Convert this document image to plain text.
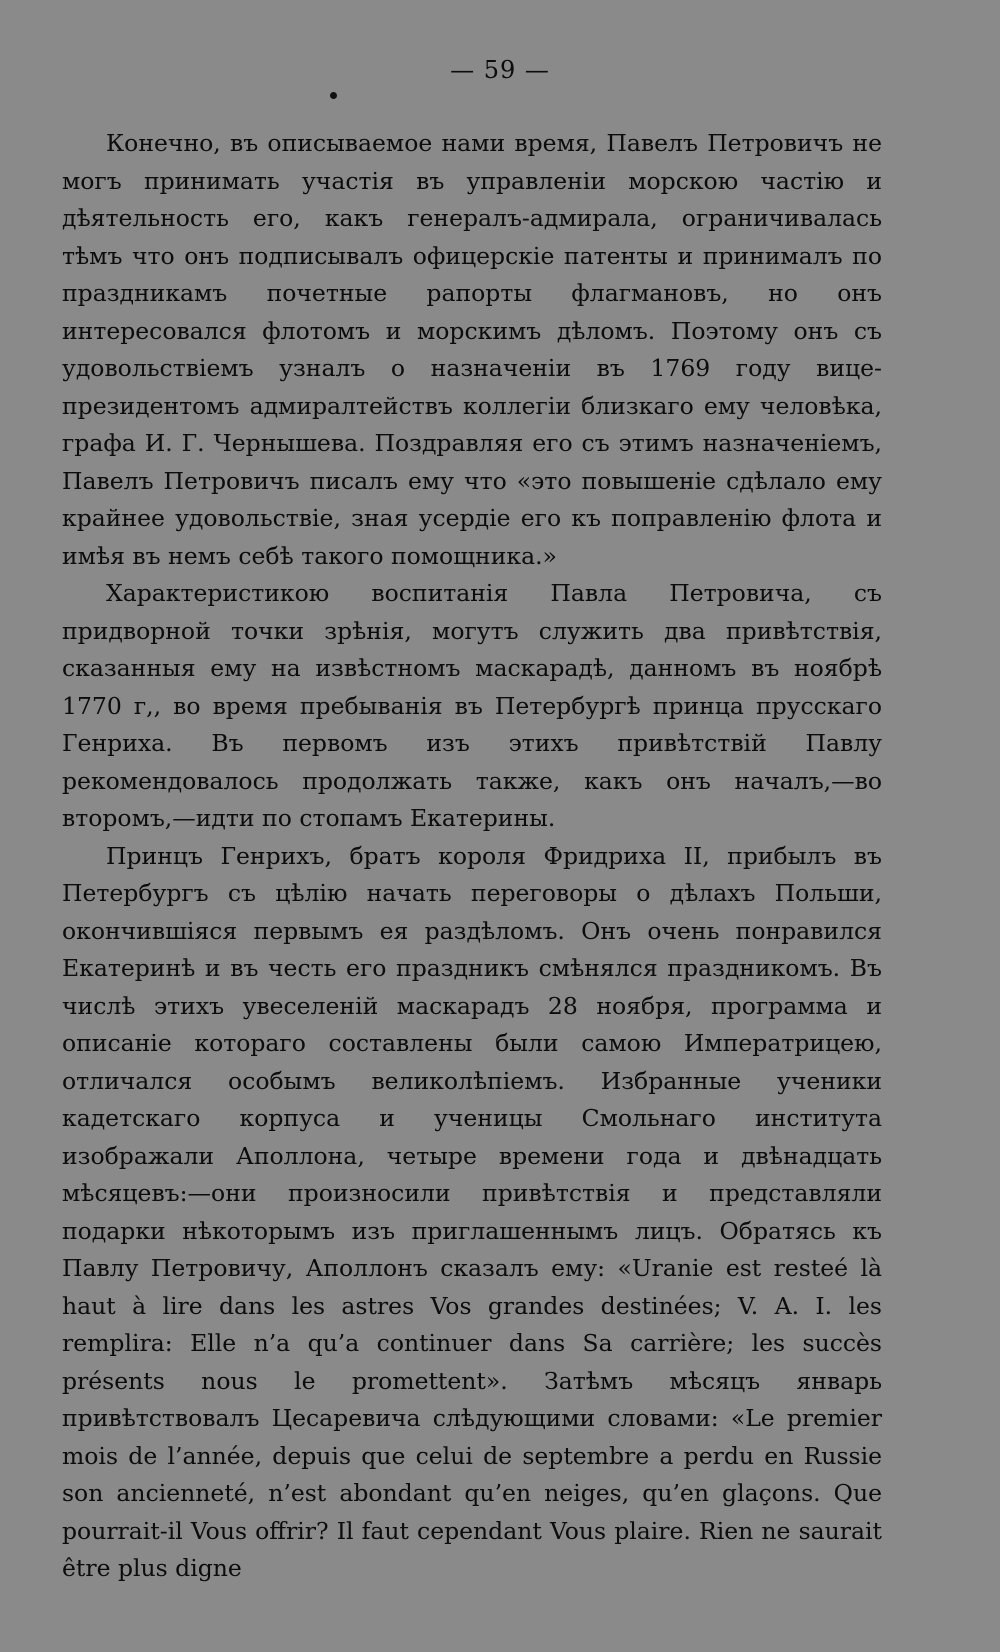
— 59 —

Конечно, въ описываемое нами время, Павелъ Петровичъ не могъ принимать участія въ управленіи морскою частію и дѣятельность его, какъ генералъ-адмирала, ограничивалась тѣмъ что онъ подписывалъ офицерскіе патенты и принималъ по праздникамъ почетные рапорты флагмановъ, но онъ интересовался флотомъ и морскимъ дѣломъ. Поэтому онъ съ удовольствіемъ узналъ о назначеніи въ 1769 году вице-президентомъ адмиралтействъ коллегіи близкаго ему человѣка, графа И. Г. Чернышева. Поздравляя его съ этимъ назначеніемъ, Павелъ Петровичъ писалъ ему что «это повышеніе сдѣлало ему крайнее удовольствіе, зная усердіе его къ поправленію флота и имѣя въ немъ себѣ такого помощника.»

Характеристикою воспитанія Павла Петровича, съ придворной точки зрѣнія, могутъ служить два привѣтствія, сказанныя ему на извѣстномъ маскарадѣ, данномъ въ ноябрѣ 1770 г,, во время пребыванія въ Петербургѣ принца прусскаго Генриха. Въ первомъ изъ этихъ привѣтствій Павлу рекомендовалось продолжать также, какъ онъ началъ,—во второмъ,—идти по стопамъ Екатерины.

Принцъ Генрихъ, братъ короля Фридриха II, прибылъ въ Петербургъ съ цѣлію начать переговоры о дѣлахъ Польши, окончившіяся первымъ ея раздѣломъ. Онъ очень понравился Екатеринѣ и въ честь его праздникъ смѣнялся праздникомъ. Въ числѣ этихъ увеселеній маскарадъ 28 ноября, программа и описаніе котораго составлены были самою Императрицею, отличался особымъ великолѣпіемъ. Избранные ученики кадетскаго корпуса и ученицы Смольнаго института изображали Аполлона, четыре времени года и двѣнадцать мѣсяцевъ:—они произносили привѣтствія и представляли подарки нѣкоторымъ изъ приглашеннымъ лицъ. Обратясь къ Павлу Петровичу, Аполлонъ сказалъ ему: «Uranie est resteé là haut à lire dans les astres Vos grandes destinées; V. A. I. les remplira: Elle n’a qu’a continuer dans Sa carrière; les succès présents nous le promettent». Затѣмъ мѣсяцъ январь привѣтствовалъ Цесаревича слѣдующими словами: «Le premier mois de l’année, depuis que celui de septembre a perdu en Russie son ancienneté, n’est abondant qu’en neiges, qu’en glaçons. Que pourrait-il Vous offrir? Il faut cependant Vous plaire. Rien ne saurait être plus digne
